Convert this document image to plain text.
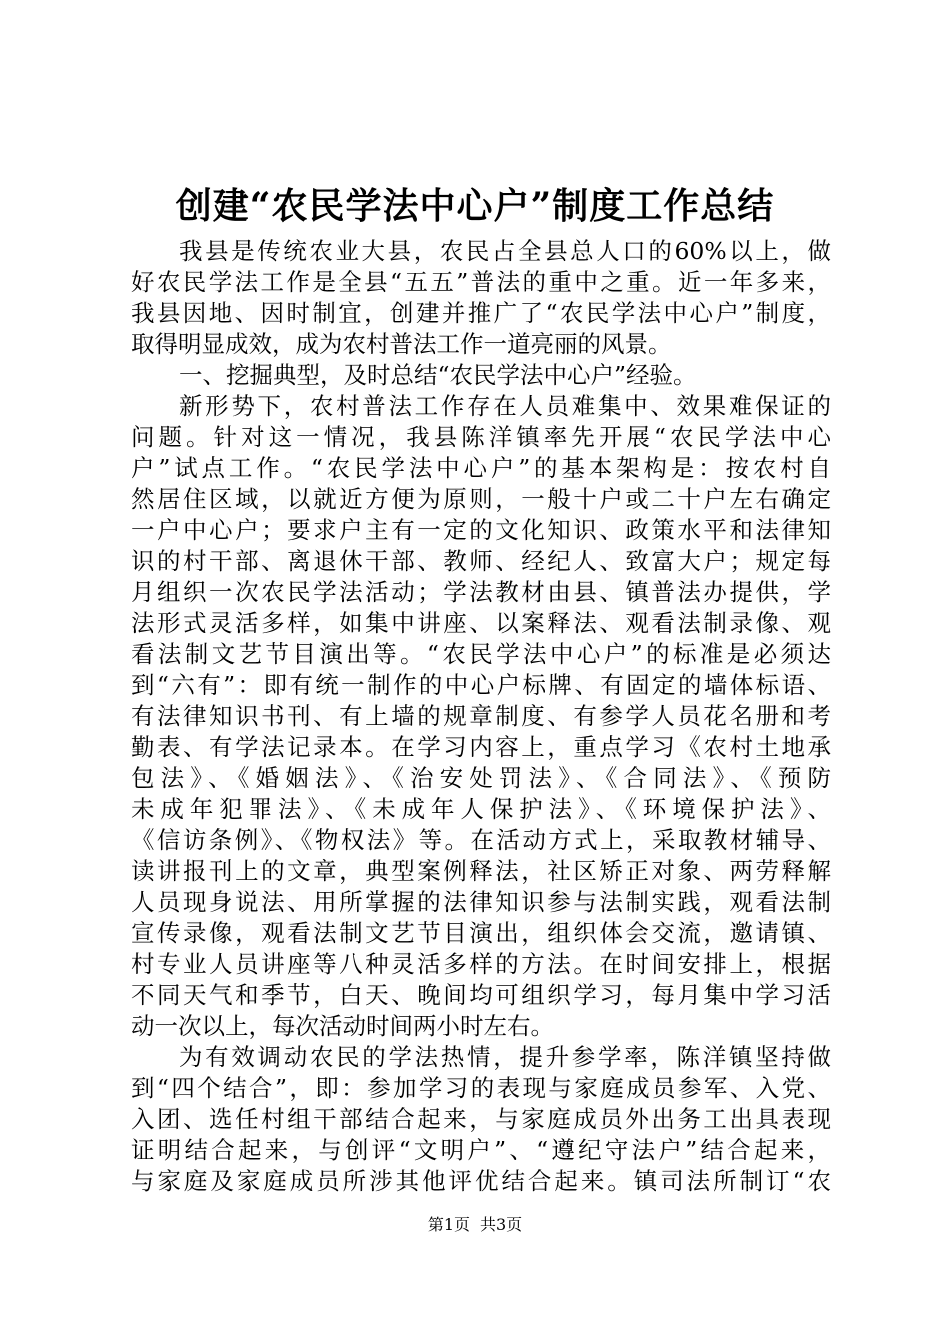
创建“农民学法中心户”制度工作总结
我县是传统农业大县，农民占全县总人口的60%以上，做
好农民学法工作是全县“五五”普法的重中之重。近一年多来，
我县因地、因时制宜，创建并推广了“农民学法中心户”制度，
取得明显成效，成为农村普法工作一道亮丽的风景。
一、挖掘典型，及时总结“农民学法中心户”经验。
新形势下，农村普法工作存在人员难集中、效果难保证的
问题。针对这一情况，我县陈洋镇率先开展“农民学法中心
户”试点工作。“农民学法中心户”的基本架构是：按农村自
然居住区域，以就近方便为原则，一般十户或二十户左右确定
一户中心户；要求户主有一定的文化知识、政策水平和法律知
识的村干部、离退休干部、教师、经纪人、致富大户；规定每
月组织一次农民学法活动；学法教材由县、镇普法办提供，学
法形式灵活多样，如集中讲座、以案释法、观看法制录像、观
看法制文艺节目演出等。“农民学法中心户”的标准是必须达
到“六有”：即有统一制作的中心户标牌、有固定的墙体标语、
有法律知识书刊、有上墙的规章制度、有参学人员花名册和考
勤表、有学法记录本。在学习内容上，重点学习《农村土地承
包法》、《婚姻法》、《治安处罚法》、《合同法》、《预防
未成年犯罪法》、《未成年人保护法》、《环境保护法》、
《信访条例》、《物权法》等。在活动方式上，采取教材辅导、
读讲报刊上的文章，典型案例释法，社区矫正对象、两劳释解
人员现身说法、用所掌握的法律知识参与法制实践，观看法制
宣传录像，观看法制文艺节目演出，组织体会交流，邀请镇、
村专业人员讲座等八种灵活多样的方法。在时间安排上，根据
不同天气和季节，白天、晚间均可组织学习，每月集中学习活
动一次以上，每次活动时间两小时左右。
为有效调动农民的学法热情，提升参学率，陈洋镇坚持做
到“四个结合”，即：参加学习的表现与家庭成员参军、入党、
入团、选任村组干部结合起来，与家庭成员外出务工出具表现
证明结合起来，与创评“文明户”、“遵纪守法户”结合起来，
与家庭及家庭成员所涉其他评优结合起来。镇司法所制订“农
第1页 共3页
